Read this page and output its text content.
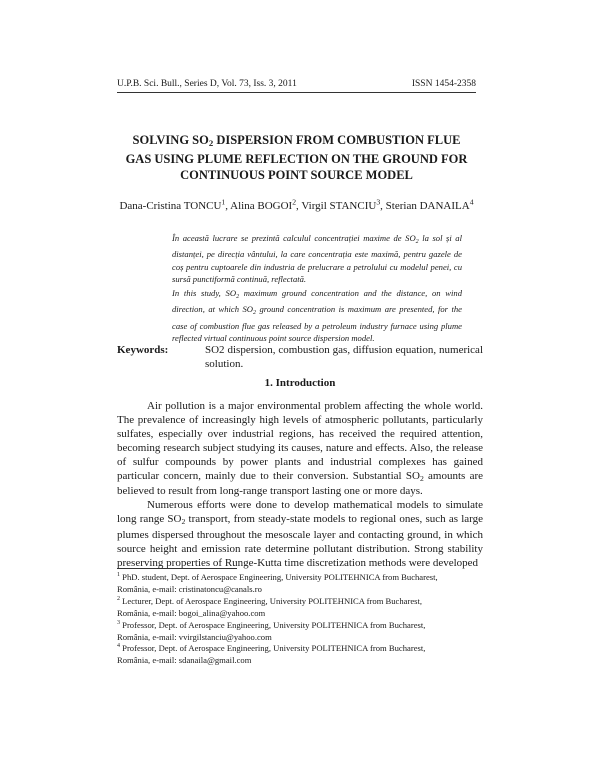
U.P.B. Sci. Bull., Series D, Vol. 73, Iss. 3, 2011	ISSN 1454-2358
SOLVING $SO_2$ DISPERSION FROM COMBUSTION FLUE
GAS USING PLUME REFLECTION ON THE GROUND FOR
CONTINUOUS POINT SOURCE MODEL
Dana-Cristina TONCU$^1$, Alina BOGOI$^2$, Virgil STANCIU$^3$, Sterian DANAILA$^4$
În această lucrare se prezintă calculul concentrației maxime de $SO_2$ la sol și al distanței, pe direcția vântului, la care concentrația este maximă, pentru gazele de coș pentru cuptoarele din industria de prelucrare a petrolului cu modelul penei, cu sursă punctiformă continuă, reflectată.
In this study, $SO_2$ maximum ground concentration and the distance, on wind direction, at which $SO_2$ ground concentration is maximum are presented, for the case of combustion flue gas released by a petroleum industry furnace using plume reflected virtual continuous point source dispersion model.
Keywords:	SO2 dispersion, combustion gas, diffusion equation, numerical solution.
1. Introduction

Air pollution is a major environmental problem affecting the whole world. The prevalence of increasingly high levels of atmospheric pollutants, particularly sulfates, especially over industrial regions, has received the required attention, becoming research subject studying its causes, nature and effects. Also, the release of sulfur compounds by power plants and industrial complexes has gained particular concern, mainly due to their conversion. Substantial $SO_2$ amounts are believed to result from long-range transport lasting one or more days.

Numerous efforts were done to develop mathematical models to simulate long range $SO_2$ transport, from steady-state models to regional ones, such as large plumes dispersed throughout the mesoscale layer and contacting ground, in which source height and emission rate determine pollutant distribution. Strong stability preserving properties of Runge-Kutta time discretization methods were developed

$^1$ PhD. student, Dept. of Aerospace Engineering, University POLITEHNICA from Bucharest,
România, e-mail: cristinatoncu@canals.ro
$^2$ Lecturer, Dept. of Aerospace Engineering, University POLITEHNICA from Bucharest,
România, e-mail: bogoi_alina@yahoo.com
$^3$ Professor, Dept. of Aerospace Engineering, University POLITEHNICA from Bucharest,
România, e-mail: vvirgilstanciu@yahoo.com
$^4$ Professor, Dept. of Aerospace Engineering, University POLITEHNICA from Bucharest,
România, e-mail: sdanaila@gmail.com
